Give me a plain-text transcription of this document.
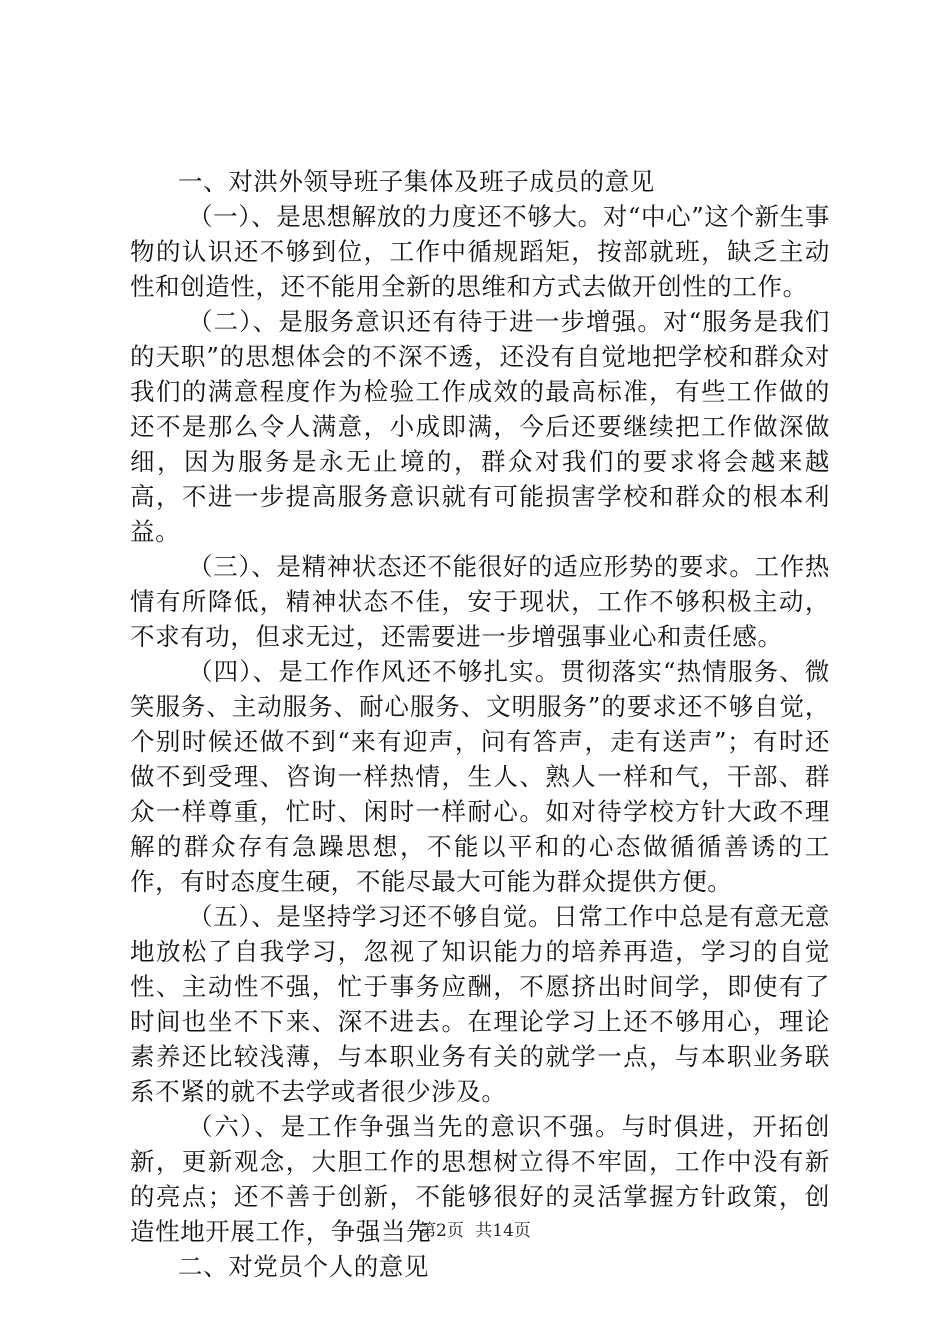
一、对洪外领导班子集体及班子成员的意见

（一）、是思想解放的力度还不够大。对“中心”这个新生事物的认识还不够到位，工作中循规蹈矩，按部就班，缺乏主动性和创造性，还不能用全新的思维和方式去做开创性的工作。

（二）、是服务意识还有待于进一步增强。对“服务是我们的天职”的思想体会的不深不透，还没有自觉地把学校和群众对我们的满意程度作为检验工作成效的最高标准，有些工作做的还不是那么令人满意，小成即满，今后还要继续把工作做深做细，因为服务是永无止境的，群众对我们的要求将会越来越高，不进一步提高服务意识就有可能损害学校和群众的根本利益。

（三）、是精神状态还不能很好的适应形势的要求。工作热情有所降低，精神状态不佳，安于现状，工作不够积极主动，不求有功，但求无过，还需要进一步增强事业心和责任感。

（四）、是工作作风还不够扎实。贯彻落实“热情服务、微笑服务、主动服务、耐心服务、文明服务”的要求还不够自觉，个别时候还做不到“来有迎声，问有答声，走有送声”；有时还做不到受理、咨询一样热情，生人、熟人一样和气，干部、群众一样尊重，忙时、闲时一样耐心。如对待学校方针大政不理解的群众存有急躁思想，不能以平和的心态做循循善诱的工作，有时态度生硬，不能尽最大可能为群众提供方便。

（五）、是坚持学习还不够自觉。日常工作中总是有意无意地放松了自我学习，忽视了知识能力的培养再造，学习的自觉性、主动性不强，忙于事务应酬，不愿挤出时间学，即使有了时间也坐不下来、深不进去。在理论学习上还不够用心，理论素养还比较浅薄，与本职业务有关的就学一点，与本职业务联系不紧的就不去学或者很少涉及。

（六）、是工作争强当先的意识不强。与时俱进，开拓创新，更新观念，大胆工作的思想树立得不牢固，工作中没有新的亮点；还不善于创新，不能够很好的灵活掌握方针政策，创造性地开展工作，争强当先

二、对党员个人的意见

第2页 共14页
